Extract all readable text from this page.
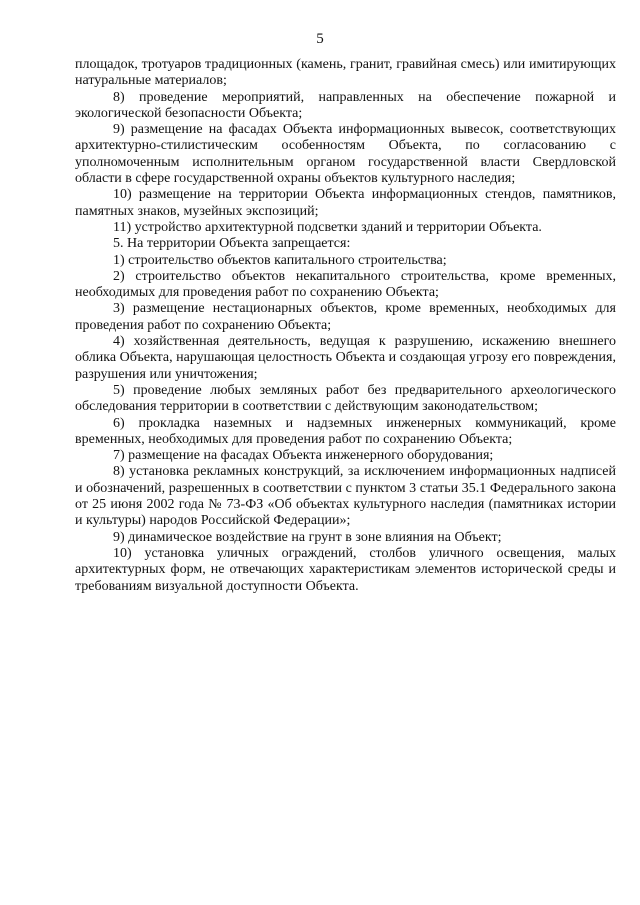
5

площадок, тротуаров традиционных (камень, гранит, гравийная смесь) или имитирующих натуральные материалов;

8) проведение мероприятий, направленных на обеспечение пожарной и экологической безопасности Объекта;

9) размещение на фасадах Объекта информационных вывесок, соответствующих архитектурно-стилистическим особенностям Объекта, по согласованию с уполномоченным исполнительным органом государственной власти Свердловской области в сфере государственной охраны объектов культурного наследия;

10) размещение на территории Объекта информационных стендов, памятников, памятных знаков, музейных экспозиций;

11) устройство архитектурной подсветки зданий и территории Объекта.

5. На территории Объекта запрещается:

1) строительство объектов капитального строительства;

2) строительство объектов некапитального строительства, кроме временных, необходимых для проведения работ по сохранению Объекта;

3) размещение нестационарных объектов, кроме временных, необходимых для проведения работ по сохранению Объекта;

4) хозяйственная деятельность, ведущая к разрушению, искажению внешнего облика Объекта, нарушающая целостность Объекта и создающая угрозу его повреждения, разрушения или уничтожения;

5) проведение любых земляных работ без предварительного археологического обследования территории в соответствии с действующим законодательством;

6) прокладка наземных и надземных инженерных коммуникаций, кроме временных, необходимых для проведения работ по сохранению Объекта;

7) размещение на фасадах Объекта инженерного оборудования;

8) установка рекламных конструкций, за исключением информационных надписей и обозначений, разрешенных в соответствии с пунктом 3 статьи 35.1 Федерального закона от 25 июня 2002 года № 73-ФЗ «Об объектах культурного наследия (памятниках истории и культуры) народов Российской Федерации»;

9) динамическое воздействие на грунт в зоне влияния на Объект;

10) установка уличных ограждений, столбов уличного освещения, малых архитектурных форм, не отвечающих характеристикам элементов исторической среды и требованиям визуальной доступности Объекта.
